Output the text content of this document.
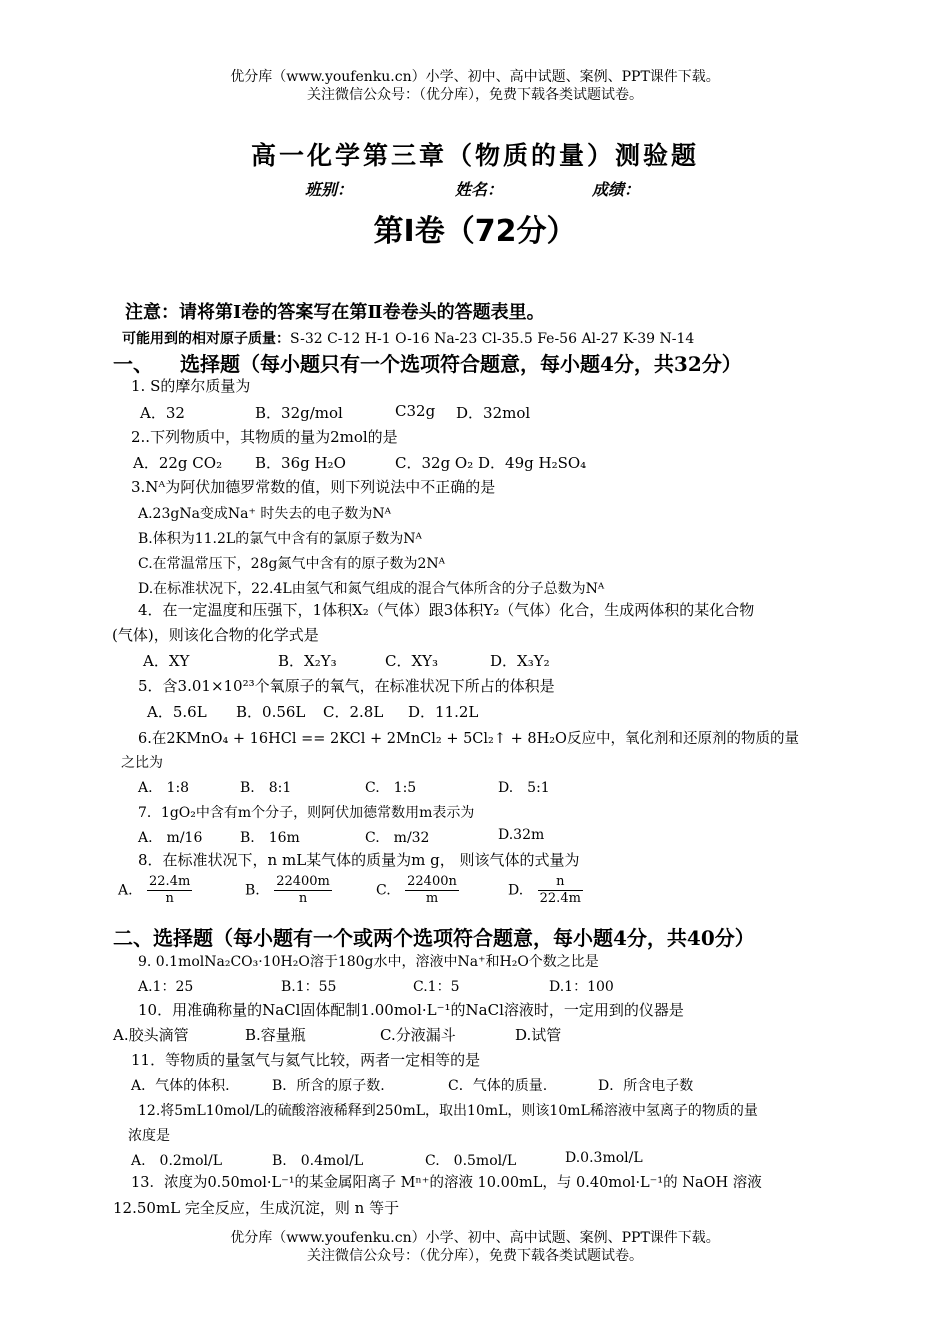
优分库（www.youfenku.cn）小学、初中、高中试题、案例、PPT课件下载。
关注微信公众号：（优分库），免费下载各类试题试卷。
高一化学第三章（物质的量）测验题
班别：	姓名：	成绩：
第Ⅰ卷（72分）
注意：请将第Ⅰ卷的答案写在第Ⅱ卷卷头的答题表里。
可能用到的相对原子质量：S-32 C-12 H-1 O-16 Na-23 Cl-35.5 Fe-56 Al-27 K-39 N-14
一、 选择题（每小题只有一个选项符合题意，每小题4分，共32分）
1. S的摩尔质量为
A．32	B．32g/mol	C32g D．32mol
2..下列物质中，其物质的量为2mol的是
A．22g CO₂ B．36g H₂O	C．32g O₂ D．49g H₂SO₄
3.Nᴬ为阿伏加德罗常数的值，则下列说法中不正确的是
A.23gNa变成Na⁺ 时失去的电子数为Nᴬ
B.体积为11.2L的氯气中含有的氯原子数为Nᴬ
C.在常温常压下，28g氮气中含有的原子数为2Nᴬ
D.在标准状况下，22.4L由氢气和氮气组成的混合气体所含的分子总数为Nᴬ
4．在一定温度和压强下，1体积X₂（气体）跟3体积Y₂（气体）化合，生成两体积的某化合物
(气体)，则该化合物的化学式是
A．XY	B．X₂Y₃	C．XY₃	D．X₃Y₂
5．含3.01×10²³个氧原子的氧气，在标准状况下所占的体积是
A．5.6L B．0.56L C．2.8L D．11.2L
6.在2KMnO₄ + 16HCl == 2KCl + 2MnCl₂ + 5Cl₂↑ + 8H₂O反应中，氧化剂和还原剂的物质的量
之比为
A.　1:8	B.　8:1	C.　1:5	D.　5:1
7．1gO₂中含有m个分子，则阿伏加德常数用m表示为
A.　m/16	B.　16m	C.　m/32	D.32m
8．在标准状况下，n mL某气体的质量为m g， 则该气体的式量为
A. $\frac{22.4m}{n}$	B. $\frac{22400m}{n}$	C. $\frac{22400n}{m}$	D. $\frac{n}{22.4m}$
二、选择题（每小题有一个或两个选项符合题意，每小题4分，共40分）
9. 0.1molNa₂CO₃·10H₂O溶于180g水中，溶液中Na⁺和H₂O个数之比是
A.1：25	B.1：55	C.1：5	D.1：100
10．用准确称量的NaCl固体配制1.00mol·L⁻¹的NaCl溶液时，一定用到的仪器是
A.胶头滴管	B.容量瓶	C.分液漏斗	D.试管
11．等物质的量氢气与氦气比较，两者一定相等的是
A．气体的体积.	B．所含的原子数.	C．气体的质量.	D．所含电子数
12.将5mL10mol/L的硫酸溶液稀释到250mL，取出10mL，则该10mL稀溶液中氢离子的物质的量
浓度是
A.　0.2mol/L	B.　0.4mol/L	C.　0.5mol/L	D.0.3mol/L
13．浓度为0.50mol·L⁻¹的某金属阳离子 Mⁿ⁺的溶液 10.00mL，与 0.40mol·L⁻¹的 NaOH 溶液
12.50mL 完全反应，生成沉淀，则 n 等于
优分库（www.youfenku.cn）小学、初中、高中试题、案例、PPT课件下载。
关注微信公众号：（优分库），免费下载各类试题试卷。
